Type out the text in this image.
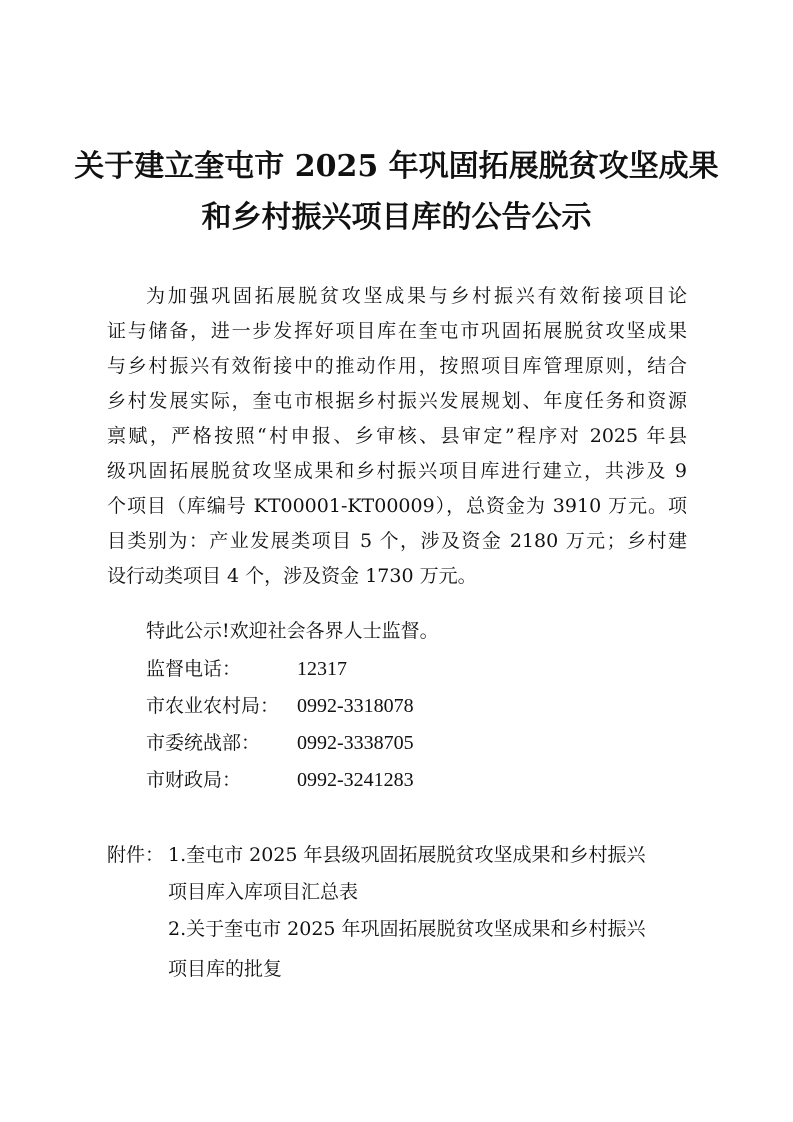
关于建立奎屯市 2025 年巩固拓展脱贫攻坚成果
和乡村振兴项目库的公告公示
为加强巩固拓展脱贫攻坚成果与乡村振兴有效衔接项目论
证与储备，进一步发挥好项目库在奎屯市巩固拓展脱贫攻坚成果
与乡村振兴有效衔接中的推动作用，按照项目库管理原则，结合
乡村发展实际，奎屯市根据乡村振兴发展规划、年度任务和资源
禀赋，严格按照“村申报、乡审核、县审定”程序对 2025 年县
级巩固拓展脱贫攻坚成果和乡村振兴项目库进行建立，共涉及 9
个项目（库编号 KT00001-KT00009），总资金为 3910 万元。项
目类别为：产业发展类项目 5 个，涉及资金 2180 万元；乡村建
设行动类项目 4 个，涉及资金 1730 万元。
特此公示!欢迎社会各界人士监督。
监督电话：	12317
市农业农村局： 0992-3318078
市委统战部： 0992-3338705
市财政局：	0992-3241283
附件： 1.奎屯市 2025 年县级巩固拓展脱贫攻坚成果和乡村振兴
项目库入库项目汇总表
2.关于奎屯市 2025 年巩固拓展脱贫攻坚成果和乡村振兴
项目库的批复
